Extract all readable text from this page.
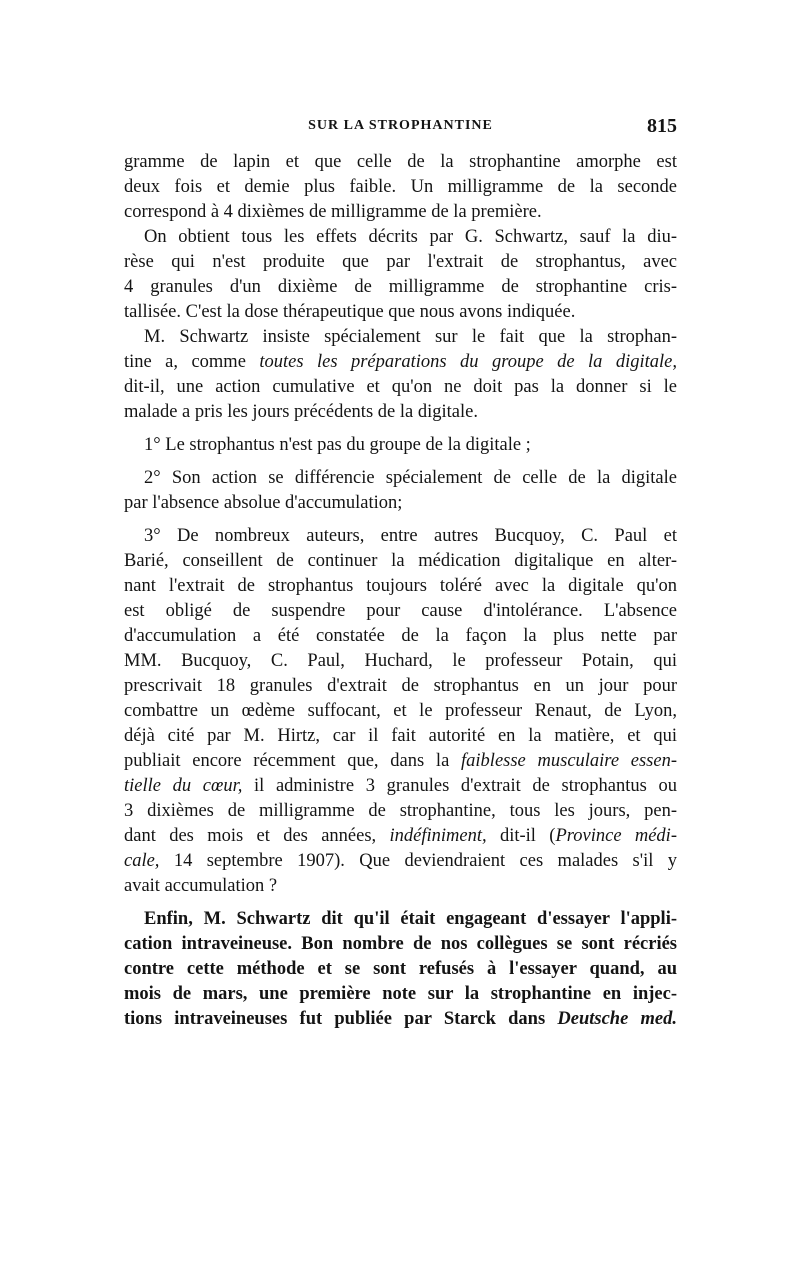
SUR LA STROPHANTINE	815
gramme de lapin et que celle de la strophantine amorphe est
deux fois et demie plus faible. Un milligramme de la seconde
correspond à 4 dixièmes de milligramme de la première.
On obtient tous les effets décrits par G. Schwartz, sauf la diu-
rèse qui n'est produite que par l'extrait de strophantus, avec
4 granules d'un dixième de milligramme de strophantine cris-
tallisée. C'est la dose thérapeutique que nous avons indiquée.
M. Schwartz insiste spécialement sur le fait que la strophan-
tine a, comme toutes les préparations du groupe de la digitale,
dit-il, une action cumulative et qu'on ne doit pas la donner si le
malade a pris les jours précédents de la digitale.
1° Le strophantus n'est pas du groupe de la digitale ;
2° Son action se différencie spécialement de celle de la digitale
par l'absence absolue d'accumulation;
3° De nombreux auteurs, entre autres Bucquoy, C. Paul et
Barié, conseillent de continuer la médication digitalique en alter-
nant l'extrait de strophantus toujours toléré avec la digitale qu'on
est obligé de suspendre pour cause d'intolérance. L'absence
d'accumulation a été constatée de la façon la plus nette par
MM. Bucquoy, C. Paul, Huchard, le professeur Potain, qui
prescrivait 18 granules d'extrait de strophantus en un jour pour
combattre un œdème suffocant, et le professeur Renaut, de Lyon,
déjà cité par M. Hirtz, car il fait autorité en la matière, et qui
publiait encore récemment que, dans la faiblesse musculaire essen-
tielle du cœur, il administre 3 granules d'extrait de strophantus ou
3 dixièmes de milligramme de strophantine, tous les jours, pen-
dant des mois et des années, indéfiniment, dit-il (Province médi-
cale, 14 septembre 1907). Que deviendraient ces malades s'il y
avait accumulation ?
Enfin, M. Schwartz dit qu'il était engageant d'essayer l'appli-
cation intraveineuse. Bon nombre de nos collègues se sont récriés
contre cette méthode et se sont refusés à l'essayer quand, au
mois de mars, une première note sur la strophantine en injec-
tions intraveineuses fut publiée par Starck dans Deutsche med.
